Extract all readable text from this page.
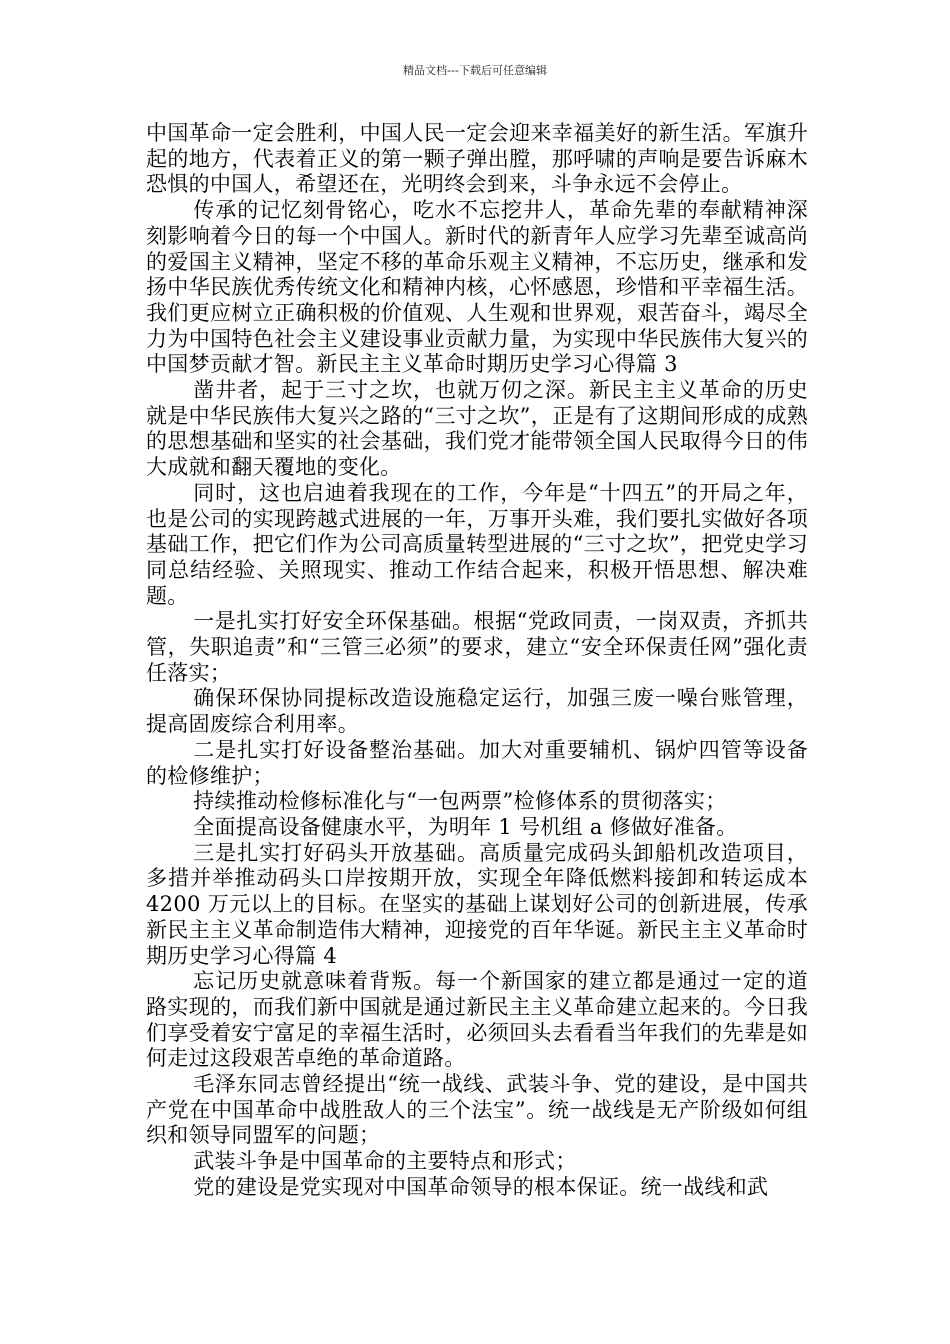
精品文档---下载后可任意编辑

中国革命一定会胜利，中国人民一定会迎来幸福美好的新生活。军旗升起的地方，代表着正义的第一颗子弹出膛，那呼啸的声响是要告诉麻木恐惧的中国人，希望还在，光明终会到来，斗争永远不会停止。

传承的记忆刻骨铭心，吃水不忘挖井人，革命先辈的奉献精神深刻影响着今日的每一个中国人。新时代的新青年人应学习先辈至诚高尚的爱国主义精神，坚定不移的革命乐观主义精神，不忘历史，继承和发扬中华民族优秀传统文化和精神内核，心怀感恩，珍惜和平幸福生活。我们更应树立正确积极的价值观、人生观和世界观，艰苦奋斗，竭尽全力为中国特色社会主义建设事业贡献力量，为实现中华民族伟大复兴的中国梦贡献才智。新民主主义革命时期历史学习心得篇 3

凿井者，起于三寸之坎，也就万仞之深。新民主主义革命的历史就是中华民族伟大复兴之路的“三寸之坎”，正是有了这期间形成的成熟的思想基础和坚实的社会基础，我们党才能带领全国人民取得今日的伟大成就和翻天覆地的变化。

同时，这也启迪着我现在的工作，今年是“十四五”的开局之年，也是公司的实现跨越式进展的一年，万事开头难，我们要扎实做好各项基础工作，把它们作为公司高质量转型进展的“三寸之坎”，把党史学习同总结经验、关照现实、推动工作结合起来，积极开悟思想、解决难题。

一是扎实打好安全环保基础。根据“党政同责，一岗双责，齐抓共管，失职追责”和“三管三必须”的要求，建立“安全环保责任网”强化责任落实；

确保环保协同提标改造设施稳定运行，加强三废一噪台账管理，提高固废综合利用率。

二是扎实打好设备整治基础。加大对重要辅机、锅炉四管等设备的检修维护；

持续推动检修标准化与“一包两票”检修体系的贯彻落实；

全面提高设备健康水平，为明年 1 号机组 a 修做好准备。

三是扎实打好码头开放基础。高质量完成码头卸船机改造项目，多措并举推动码头口岸按期开放，实现全年降低燃料接卸和转运成本 4200 万元以上的目标。在坚实的基础上谋划好公司的创新进展，传承新民主主义革命制造伟大精神，迎接党的百年华诞。新民主主义革命时期历史学习心得篇 4

忘记历史就意味着背叛。每一个新国家的建立都是通过一定的道路实现的，而我们新中国就是通过新民主主义革命建立起来的。今日我们享受着安宁富足的幸福生活时，必须回头去看看当年我们的先辈是如何走过这段艰苦卓绝的革命道路。

毛泽东同志曾经提出“统一战线、武装斗争、党的建设，是中国共产党在中国革命中战胜敌人的三个法宝”。统一战线是无产阶级如何组织和领导同盟军的问题；

武装斗争是中国革命的主要特点和形式；

党的建设是党实现对中国革命领导的根本保证。统一战线和武
